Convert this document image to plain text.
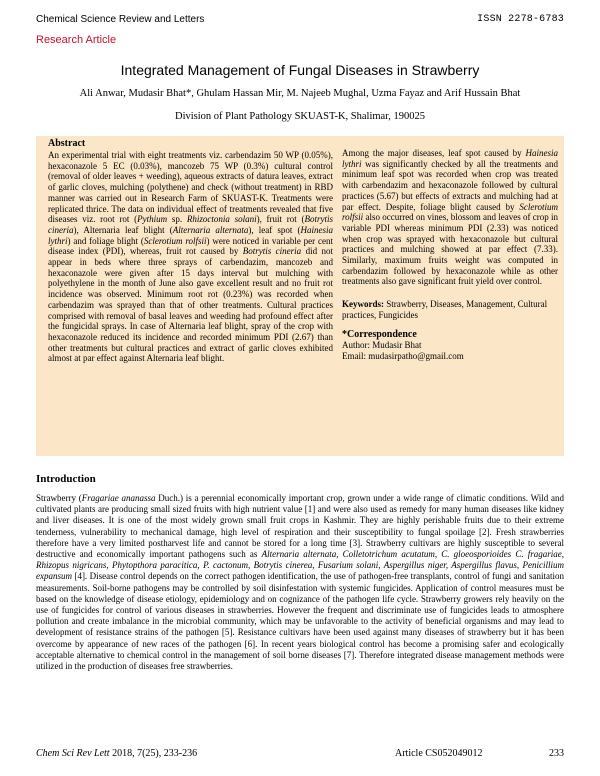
Chemical Science Review and Letters	ISSN 2278-6783
Research Article
Integrated Management of Fungal Diseases in Strawberry
Ali Anwar, Mudasir Bhat*, Ghulam Hassan Mir, M. Najeeb Mughal, Uzma Fayaz and Arif Hussain Bhat
Division of Plant Pathology SKUAST-K, Shalimar, 190025
Abstract

An experimental trial with eight treatments viz. carbendazim 50 WP (0.05%), hexaconazole 5 EC (0.03%), mancozeb 75 WP (0.3%) cultural control (removal of older leaves + weeding), aqueous extracts of datura leaves, extract of garlic cloves, mulching (polythene) and check (without treatment) in RBD manner was carried out in Research Farm of SKUAST-K. Treatments were replicated thrice. The data on individual effect of treatments revealed that five diseases viz. root rot (Pythium sp. Rhizoctonia solani), fruit rot (Botrytis cineria), Alternaria leaf blight (Alternaria alternata), leaf spot (Hainesia lythri) and foliage blight (Sclerotium rolfsii) were noticed in variable per cent disease index (PDI), whereas, fruit rot caused by Botrytis cineria did not appear in beds where three sprays of carbendazim, mancozeb and hexaconazole were given after 15 days interval but mulching with polyethylene in the month of June also gave excellent result and no fruit rot incidence was observed. Minimum root rot (0.23%) was recorded when carbendazim was sprayed than that of other treatments. Cultural practices comprised with removal of basal leaves and weeding had profound effect after the fungicidal sprays. In case of Alternaria leaf blight, spray of the crop with hexaconazole reduced its incidence and recorded minimum PDI (2.67) than other treatments but cultural practices and extract of garlic cloves exhibited almost at par effect against Alternaria leaf blight.

Among the major diseases, leaf spot caused by Hainesia lythri was significantly checked by all the treatments and minimum leaf spot was recorded when crop was treated with carbendazim and hexaconazole followed by cultural practices (5.67) but effects of extracts and mulching had at par effect. Despite, foliage blight caused by Sclerotium rolfsii also occurred on vines, blossom and leaves of crop in variable PDI whereas minimum PDI (2.33) was noticed when crop was sprayed with hexaconazole but cultural practices and mulching showed at par effect (7.33). Similarly, maximum fruits weight was computed in carbendazim followed by hexaconazole while as other treatments also gave significant fruit yield over control.

Keywords: Strawberry, Diseases, Management, Cultural practices, Fungicides
*Correspondence
Author: Mudasir Bhat
Email: mudasirpatho@gmail.com
Introduction

Strawberry (Fragariae ananassa Duch.) is a perennial economically important crop, grown under a wide range of climatic conditions. Wild and cultivated plants are producing small sized fruits with high nutrient value [1] and were also used as remedy for many human diseases like kidney and liver diseases. It is one of the most widely grown small fruit crops in Kashmir. They are highly perishable fruits due to their extreme tenderness, vulnerability to mechanical damage, high level of respiration and their susceptibility to fungal spoilage [2]. Fresh strawberries therefore have a very limited postharvest life and cannot be stored for a long time [3]. Strawberry cultivars are highly susceptible to several destructive and economically important pathogens such as Alternaria alternata, Colletotrichum acutatum, C. gloeosporioides C. fragariae, Rhizopus nigricans, Phytopthora paracitica, P. cactonum, Botrytis cinerea, Fusarium solani, Aspergillus niger, Aspergillus flavus, Penicillium expansum [4]. Disease control depends on the correct pathogen identification, the use of pathogen-free transplants, control of fungi and sanitation measurements. Soil-borne pathogens may be controlled by soil disinfestation with systemic fungicides. Application of control measures must be based on the knowledge of disease etiology, epidemiology and on cognizance of the pathogen life cycle. Strawberry growers rely heavily on the use of fungicides for control of various diseases in strawberries. However the frequent and discriminate use of fungicides leads to atmosphere pollution and create imbalance in the microbial community, which may be unfavorable to the activity of beneficial organisms and may lead to development of resistance strains of the pathogen [5]. Resistance cultivars have been used against many diseases of strawberry but it has been overcome by appearance of new races of the pathogen [6]. In recent years biological control has become a promising safer and ecologically acceptable alternative to chemical control in the management of soil borne diseases [7]. Therefore integrated disease management methods were utilized in the production of diseases free strawberries.

Chem Sci Rev Lett 2018, 7(25), 233-236	Article CS052049012	233
